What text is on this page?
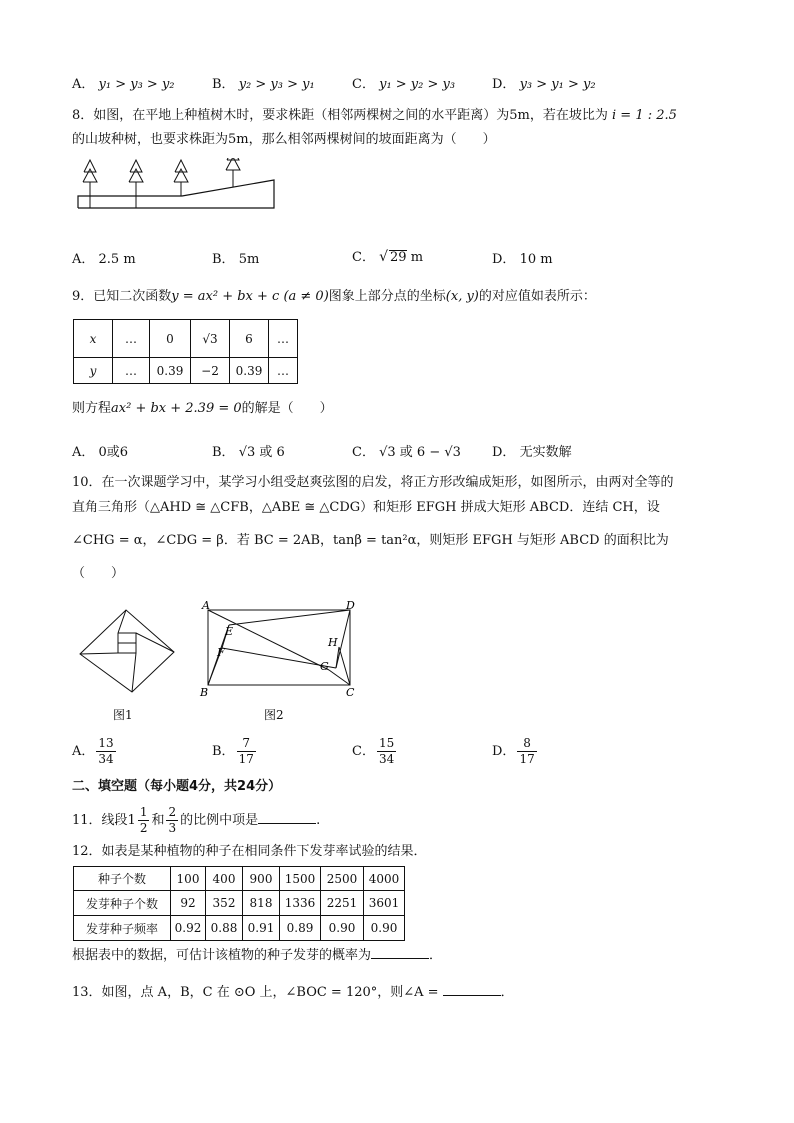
A． y₁ > y₃ > y₂	B． y₂ > y₃ > y₁	C． y₁ > y₂ > y₃	D． y₃ > y₁ > y₂
8．如图，在平地上种植树木时，要求株距（相邻两棵树之间的水平距离）为5m，若在坡比为 i = 1 : 2.5
的山坡种树，也要求株距为5m，那么相邻两棵树间的坡面距离为（　　）
A． 2.5 m	B． 5m	C． √ 29 m	D． 10 m
9．已知二次函数y = ax² + bx + c (a ≠ 0)图象上部分点的坐标(x, y)的对应值如表所示：
x	…	0	√3	6	…
y	…	0.39	−2	0.39	…
则方程ax² + bx + 2.39 = 0的解是（　　）
A． 0或6	B． √3 或 6	C． √3 或 6 − √3 D． 无实数解
10．在一次课题学习中，某学习小组受赵爽弦图的启发，将正方形改编成矩形，如图所示，由两对全等的
直角三角形（△AHD ≅ △CFB，△ABE ≅ △CDG）和矩形 EFGH 拼成大矩形 ABCD．连结 CH，设
∠CHG = α，∠CDG = β．若 BC = 2AB，tanβ = tan²α，则矩形 EFGH 与矩形 ABCD 的面积比为
（　　）
图1
A	D
B	C
E
F
G
H
图2
A． $\frac{13}{34}$	B． $\frac{7}{17}$	C． $\frac{15}{34}$	D． $\frac{8}{17}$
二、填空题（每小题4分，共24分）
11．线段$1 \frac{1}{2}$ 和 $\frac{2}{3}$ 的比例中项是	.
12．如表是某种植物的种子在相同条件下发芽率试验的结果．
种子个数	100	400	900	1500	2500	4000
发芽种子个数	92	352	818	1336	2251	3601
发芽种子频率	0.92	0.88	0.91	0.89	0.90	0.90
根据表中的数据，可估计该植物的种子发芽的概率为	．
13．如图，点 A，B，C 在 ⊙O 上，∠BOC = 120°，则∠A =	．
